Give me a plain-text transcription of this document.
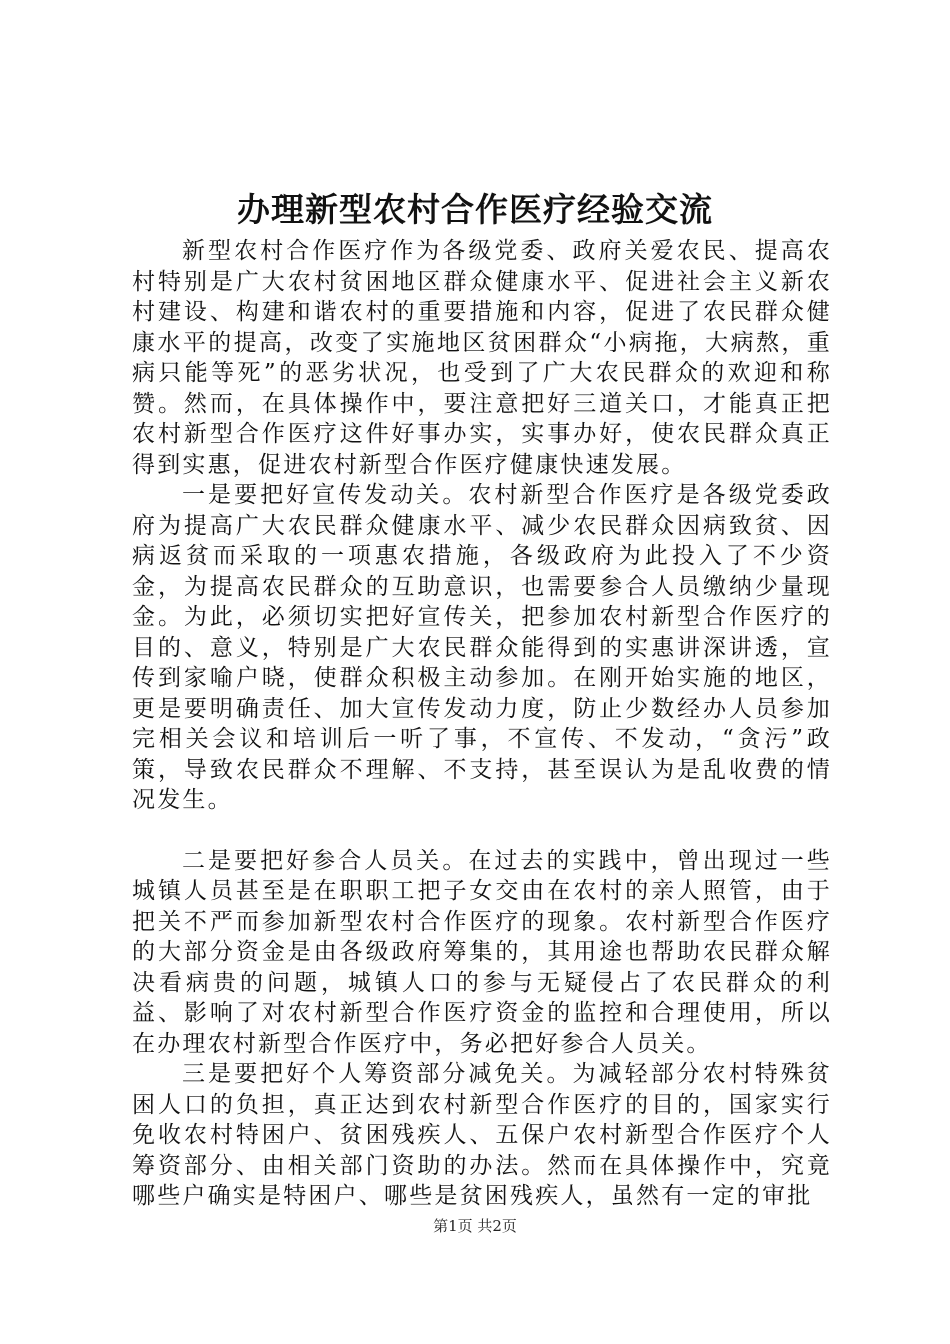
办理新型农村合作医疗经验交流

新型农村合作医疗作为各级党委、政府关爱农民、提高农村特别是广大农村贫困地区群众健康水平、促进社会主义新农村建设、构建和谐农村的重要措施和内容，促进了农民群众健康水平的提高，改变了实施地区贫困群众“小病拖，大病熬，重病只能等死”的恶劣状况，也受到了广大农民群众的欢迎和称赞。然而，在具体操作中，要注意把好三道关口，才能真正把农村新型合作医疗这件好事办实，实事办好，使农民群众真正得到实惠，促进农村新型合作医疗健康快速发展。

一是要把好宣传发动关。农村新型合作医疗是各级党委政府为提高广大农民群众健康水平、减少农民群众因病致贫、因病返贫而采取的一项惠农措施，各级政府为此投入了不少资金，为提高农民群众的互助意识，也需要参合人员缴纳少量现金。为此，必须切实把好宣传关，把参加农村新型合作医疗的目的、意义，特别是广大农民群众能得到的实惠讲深讲透，宣传到家喻户晓，使群众积极主动参加。在刚开始实施的地区，更是要明确责任、加大宣传发动力度，防止少数经办人员参加完相关会议和培训后一听了事，不宣传、不发动，“贪污”政策，导致农民群众不理解、不支持，甚至误认为是乱收费的情况发生。

二是要把好参合人员关。在过去的实践中，曾出现过一些城镇人员甚至是在职职工把子女交由在农村的亲人照管，由于把关不严而参加新型农村合作医疗的现象。农村新型合作医疗的大部分资金是由各级政府筹集的，其用途也帮助农民群众解决看病贵的问题，城镇人口的参与无疑侵占了农民群众的利益、影响了对农村新型合作医疗资金的监控和合理使用，所以在办理农村新型合作医疗中，务必把好参合人员关。

三是要把好个人筹资部分减免关。为减轻部分农村特殊贫困人口的负担，真正达到农村新型合作医疗的目的，国家实行免收农村特困户、贫困残疾人、五保户农村新型合作医疗个人筹资部分、由相关部门资助的办法。然而在具体操作中，究竟哪些户确实是特困户、哪些是贫困残疾人，虽然有一定的审批

第1页 共2页
